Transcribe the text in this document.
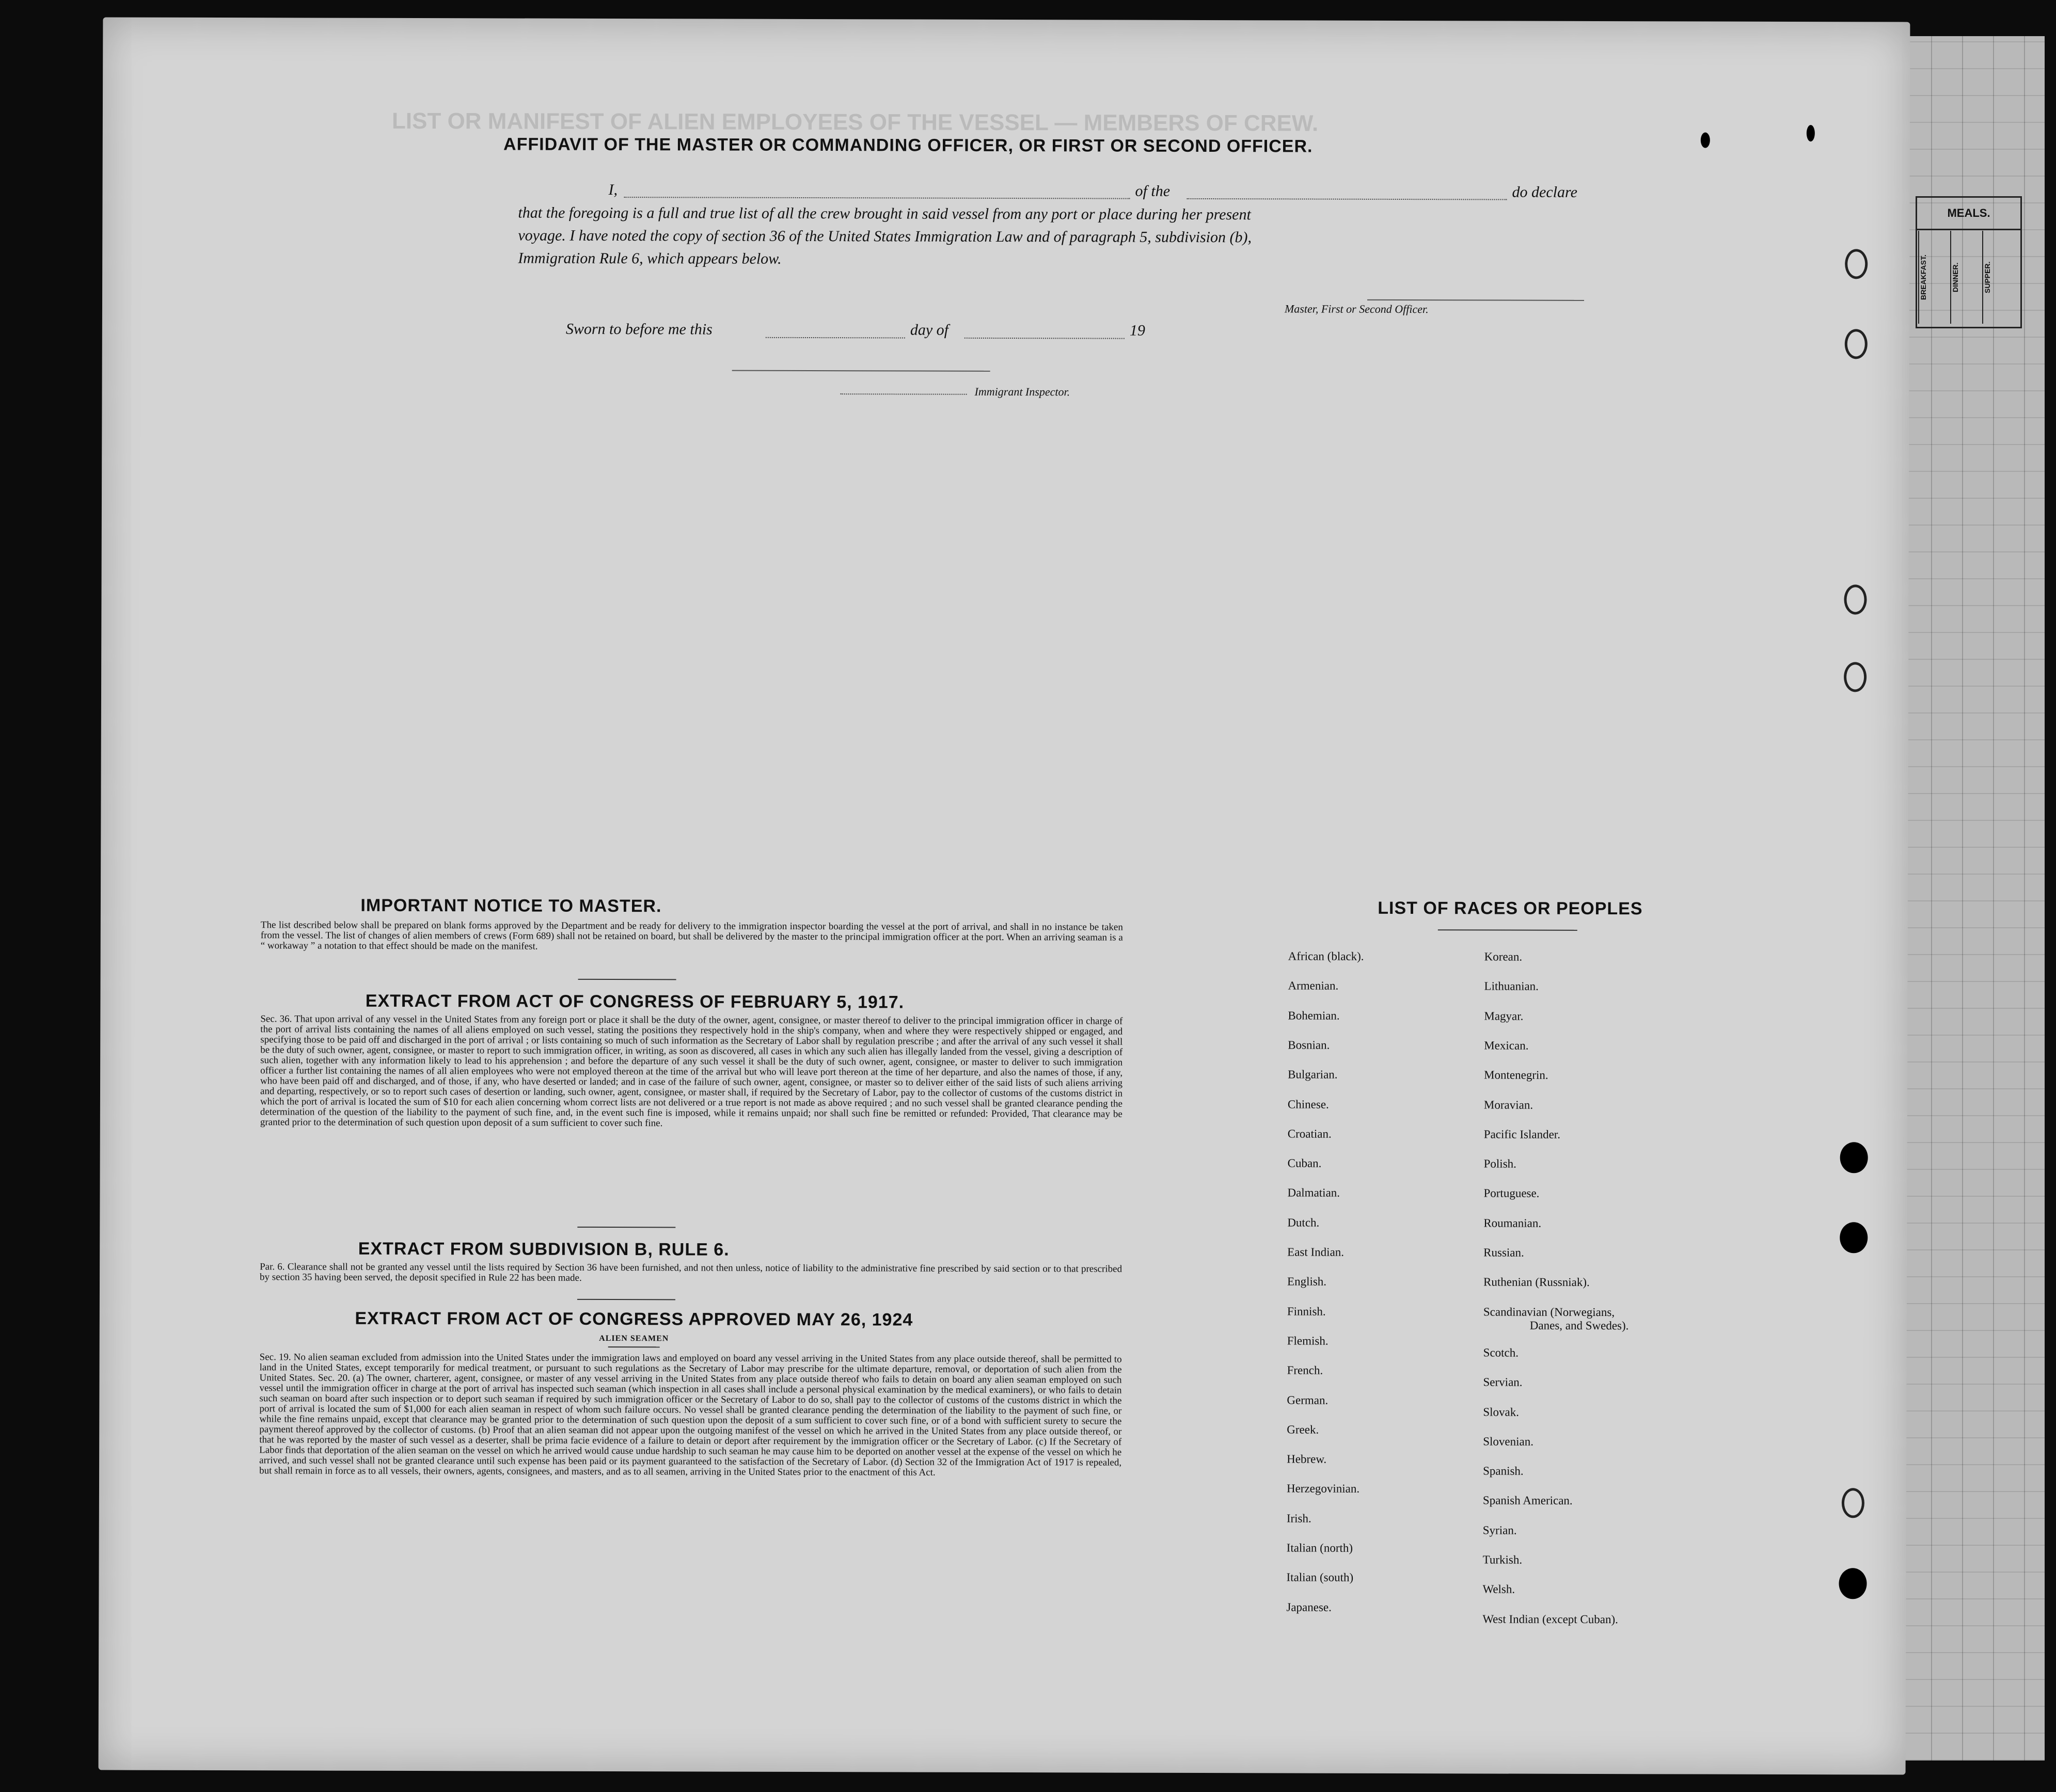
MEALS.
BREAKFAST.	DINNER.	SUPPER.
LIST OR MANIFEST OF ALIEN EMPLOYEES OF THE VESSEL — MEMBERS OF CREW.
AFFIDAVIT OF THE MASTER OR COMMANDING OFFICER, OR FIRST OR SECOND OFFICER.
I,	of the	do declare
that the foregoing is a full and true list of all the crew brought in said vessel from any port or place during her present
voyage. I have noted the copy of section 36 of the United States Immigration Law and of paragraph 5, subdivision (b),
Immigration Rule 6, which appears below.
Master, First or Second Officer.
Sworn to before me this	day of	19
Immigrant Inspector.
IMPORTANT NOTICE TO MASTER.
The list described below shall be prepared on blank forms approved by the Department and be ready for delivery to the immigration inspector boarding the vessel at the port of arrival, and shall in no instance be taken from the vessel. The list of changes of alien members of crews (Form 689) shall not be retained on board, but shall be delivered by the master to the principal immigration officer at the port. When an arriving seaman is a “ workaway ” a notation to that effect should be made on the manifest.
EXTRACT FROM ACT OF CONGRESS OF FEBRUARY 5, 1917.
Sec. 36. That upon arrival of any vessel in the United States from any foreign port or place it shall be the duty of the owner, agent, consignee, or master thereof to deliver to the principal immigration officer in charge of the port of arrival lists containing the names of all aliens employed on such vessel, stating the positions they respectively hold in the ship's company, when and where they were respectively shipped or engaged, and specifying those to be paid off and discharged in the port of arrival ; or lists containing so much of such information as the Secretary of Labor shall by regulation prescribe ; and after the arrival of any such vessel it shall be the duty of such owner, agent, consignee, or master to report to such immigration officer, in writing, as soon as discovered, all cases in which any such alien has illegally landed from the vessel, giving a description of such alien, together with any information likely to lead to his apprehension ; and before the departure of any such vessel it shall be the duty of such owner, agent, consignee, or master to deliver to such immigration officer a further list containing the names of all alien employees who were not employed thereon at the time of the arrival but who will leave port thereon at the time of her departure, and also the names of those, if any, who have been paid off and discharged, and of those, if any, who have deserted or landed; and in case of the failure of such owner, agent, consignee, or master so to deliver either of the said lists of such aliens arriving and departing, respectively, or so to report such cases of desertion or landing, such owner, agent, consignee, or master shall, if required by the Secretary of Labor, pay to the collector of customs of the customs district in which the port of arrival is located the sum of $10 for each alien concerning whom correct lists are not delivered or a true report is not made as above required ; and no such vessel shall be granted clearance pending the determination of the question of the liability to the payment of such fine, and, in the event such fine is imposed, while it remains unpaid; nor shall such fine be remitted or refunded: Provided, That clearance may be granted prior to the determination of such question upon deposit of a sum sufficient to cover such fine.
EXTRACT FROM SUBDIVISION B, RULE 6.
Par. 6. Clearance shall not be granted any vessel until the lists required by Section 36 have been furnished, and not then unless, notice of liability to the administrative fine prescribed by said section or to that prescribed by section 35 having been served, the deposit specified in Rule 22 has been made.
EXTRACT FROM ACT OF CONGRESS APPROVED MAY 26, 1924
ALIEN SEAMEN
Sec. 19. No alien seaman excluded from admission into the United States under the immigration laws and employed on board any vessel arriving in the United States from any place outside thereof, shall be permitted to land in the United States, except temporarily for medical treatment, or pursuant to such regulations as the Secretary of Labor may prescribe for the ultimate departure, removal, or deportation of such alien from the United States. Sec. 20. (a) The owner, charterer, agent, consignee, or master of any vessel arriving in the United States from any place outside thereof who fails to detain on board any alien seaman employed on such vessel until the immigration officer in charge at the port of arrival has inspected such seaman (which inspection in all cases shall include a personal physical examination by the medical examiners), or who fails to detain such seaman on board after such inspection or to deport such seaman if required by such immigration officer or the Secretary of Labor to do so, shall pay to the collector of customs of the customs district in which the port of arrival is located the sum of $1,000 for each alien seaman in respect of whom such failure occurs. No vessel shall be granted clearance pending the determination of the liability to the payment of such fine, or while the fine remains unpaid, except that clearance may be granted prior to the determination of such question upon the deposit of a sum sufficient to cover such fine, or of a bond with sufficient surety to secure the payment thereof approved by the collector of customs. (b) Proof that an alien seaman did not appear upon the outgoing manifest of the vessel on which he arrived in the United States from any place outside thereof, or that he was reported by the master of such vessel as a deserter, shall be prima facie evidence of a failure to detain or deport after requirement by the immigration officer or the Secretary of Labor. (c) If the Secretary of Labor finds that deportation of the alien seaman on the vessel on which he arrived would cause undue hardship to such seaman he may cause him to be deported on another vessel at the expense of the vessel on which he arrived, and such vessel shall not be granted clearance until such expense has been paid or its payment guaranteed to the satisfaction of the Secretary of Labor. (d) Section 32 of the Immigration Act of 1917 is repealed, but shall remain in force as to all vessels, their owners, agents, consignees, and masters, and as to all seamen, arriving in the United States prior to the enactment of this Act.
LIST OF RACES OR PEOPLES
African (black).
Armenian.
Bohemian.
Bosnian.
Bulgarian.
Chinese.
Croatian.
Cuban.
Dalmatian.
Dutch.
East Indian.
English.
Finnish.
Flemish.
French.
German.
Greek.
Hebrew.
Herzegovinian.
Irish.
Italian (north)
Italian (south)
Japanese.
Korean.
Lithuanian.
Magyar.
Mexican.
Montenegrin.
Moravian.
Pacific Islander.
Polish.
Portuguese.
Roumanian.
Russian.
Ruthenian (Russniak).
Scandinavian (Norwegians,
Danes, and Swedes).
Scotch.
Servian.
Slovak.
Slovenian.
Spanish.
Spanish American.
Syrian.
Turkish.
Welsh.
West Indian (except Cuban).
